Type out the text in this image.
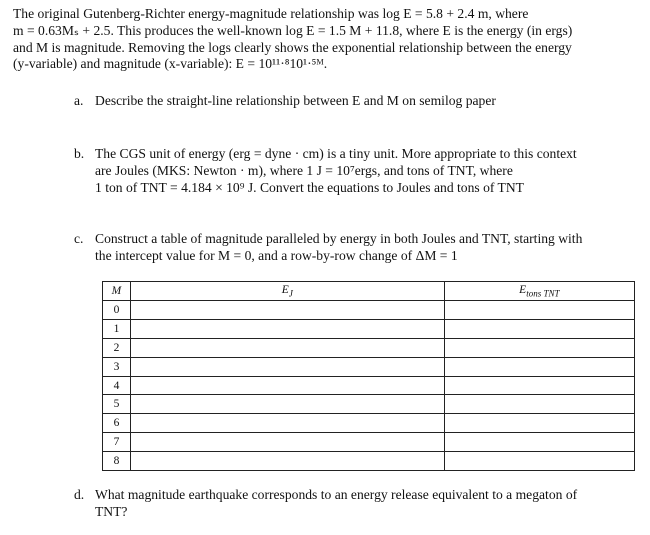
The original Gutenberg-Richter energy-magnitude relationship was log E = 5.8 + 2.4 m, where
m = 0.63Mₛ + 2.5. This produces the well-known log E = 1.5 M + 11.8, where E is the energy (in ergs)
and M is magnitude. Removing the logs clearly shows the exponential relationship between the energy
(y-variable) and magnitude (x-variable): E = 10¹¹·⁸10¹·⁵ᴹ.
a. Describe the straight-line relationship between E and M on semilog paper
b. The CGS unit of energy (erg = dyne · cm) is a tiny unit. More appropriate to this context
are Joules (MKS: Newton · m), where 1 J = 10⁷ergs, and tons of TNT, where
1 ton of TNT = 4.184 × 10⁹ J. Convert the equations to Joules and tons of TNT
c. Construct a table of magnitude paralleled by energy in both Joules and TNT, starting with
the intercept value for M = 0, and a row-by-row change of ΔM = 1
M	$E_J$	$E_{tons TNT}$
0		
1		
2		
3		
4		
5		
6		
7		
8		
d. What magnitude earthquake corresponds to an energy release equivalent to a megaton of
TNT?
